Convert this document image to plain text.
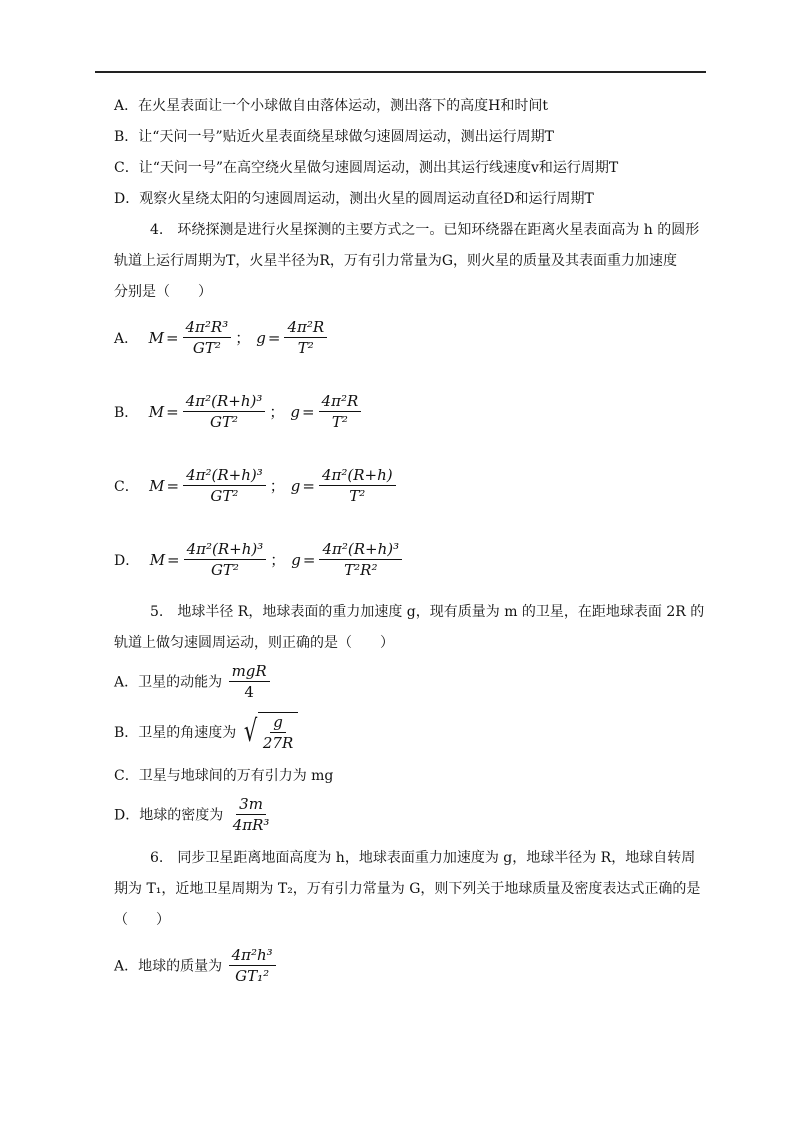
A．在火星表面让一个小球做自由落体运动，测出落下的高度H和时间t
B．让“天问一号”贴近火星表面绕星球做匀速圆周运动，测出运行周期T
C．让“天问一号”在高空绕火星做匀速圆周运动，测出其运行线速度v和运行周期T
D．观察火星绕太阳的匀速圆周运动，测出火星的圆周运动直径D和运行周期T
4.　环绕探测是进行火星探测的主要方式之一。已知环绕器在距离火星表面高为 h 的圆形
轨道上运行周期为T，火星半径为R，万有引力常量为G，则火星的质量及其表面重力加速度
分别是（　　）
A． $M = \frac{\text{4π²R³}}{\text{GT²}}$ ； $g = \frac{\text{4π²R}}{\text{T²}}$
B． $M = \frac{\text{4π²(R+h)³}}{\text{GT²}}$ ； $g = \frac{\text{4π²R}}{\text{T²}}$
C． $M = \frac{\text{4π²(R+h)³}}{\text{GT²}}$ ； $g = \frac{\text{4π²(R+h)}}{\text{T²}}$
D． $M = \frac{\text{4π²(R+h)³}}{\text{GT²}}$ ； $g = \frac{\text{4π²(R+h)³}}{\text{T²R²}}$
5.　地球半径 R，地球表面的重力加速度 g，现有质量为 m 的卫星，在距地球表面 2R 的
轨道上做匀速圆周运动，则正确的是（　　）
A．卫星的动能为 $\frac{\text{mgR}}{4}$
B．卫星的角速度为 √ $\frac{g}{27R}$
C．卫星与地球间的万有引力为 mg
D．地球的密度为 $\frac{3m}{\text{4πR³}}$
6.　同步卫星距离地面高度为 h，地球表面重力加速度为 g，地球半径为 R，地球自转周
期为 T₁，近地卫星周期为 T₂，万有引力常量为 G，则下列关于地球质量及密度表达式正确的是
（　　）
A．地球的质量为 $\frac{\text{4π²h³}}{\text{GT₁²}}$
